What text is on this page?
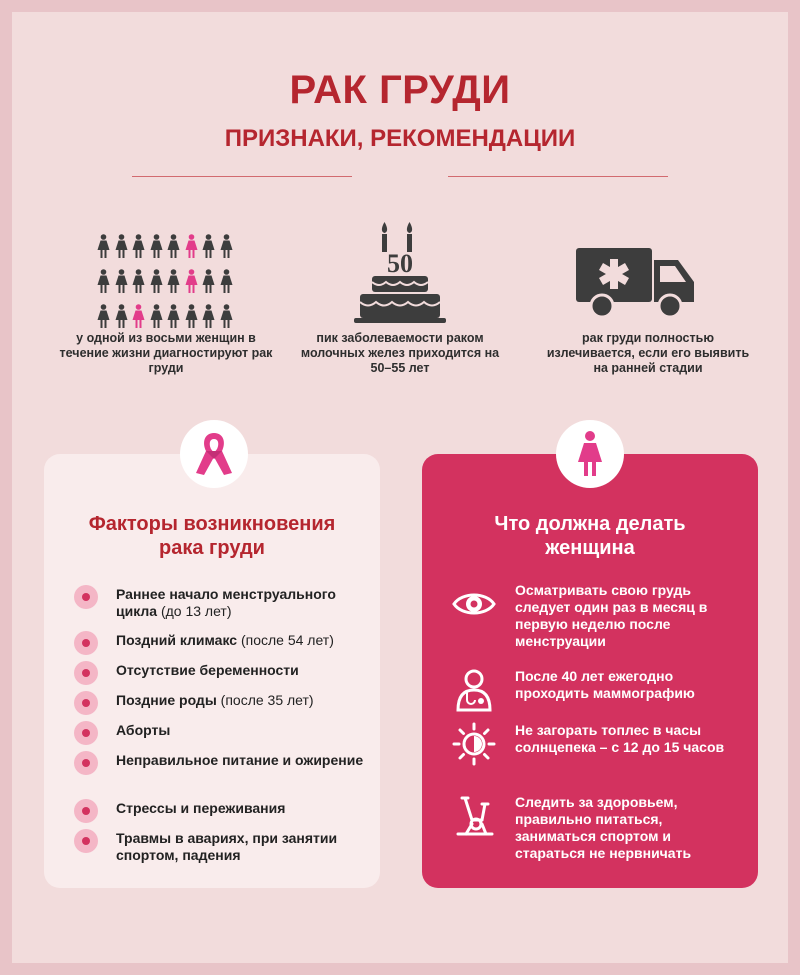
РАК ГРУДИ
ПРИЗНАКИ, РЕКОМЕНДАЦИИ
у одной из восьми женщин в течение жизни диагностируют рак груди
50
пик заболеваемости раком молочных желез приходится на 50–55 лет
рак груди полностью излечивается, если его выявить на ранней стадии
Факторы возникновения
рака груди
Раннее начало менструального цикла (до 13 лет)
Поздний климакс (после 54 лет)
Отсутствие беременности
Поздние роды (после 35 лет)
Аборты
Неправильное питание и ожирение
Стрессы и переживания
Травмы в авариях, при занятии спортом, падения
Что должна делать
женщина
Осматривать свою грудь следует один раз в месяц в первую неделю после менструации
После 40 лет ежегодно проходить маммографию
Не загорать топлес в часы солнцепека – с 12 до 15 часов
Следить за здоровьем, правильно питаться, заниматься спортом и стараться не нервничать
